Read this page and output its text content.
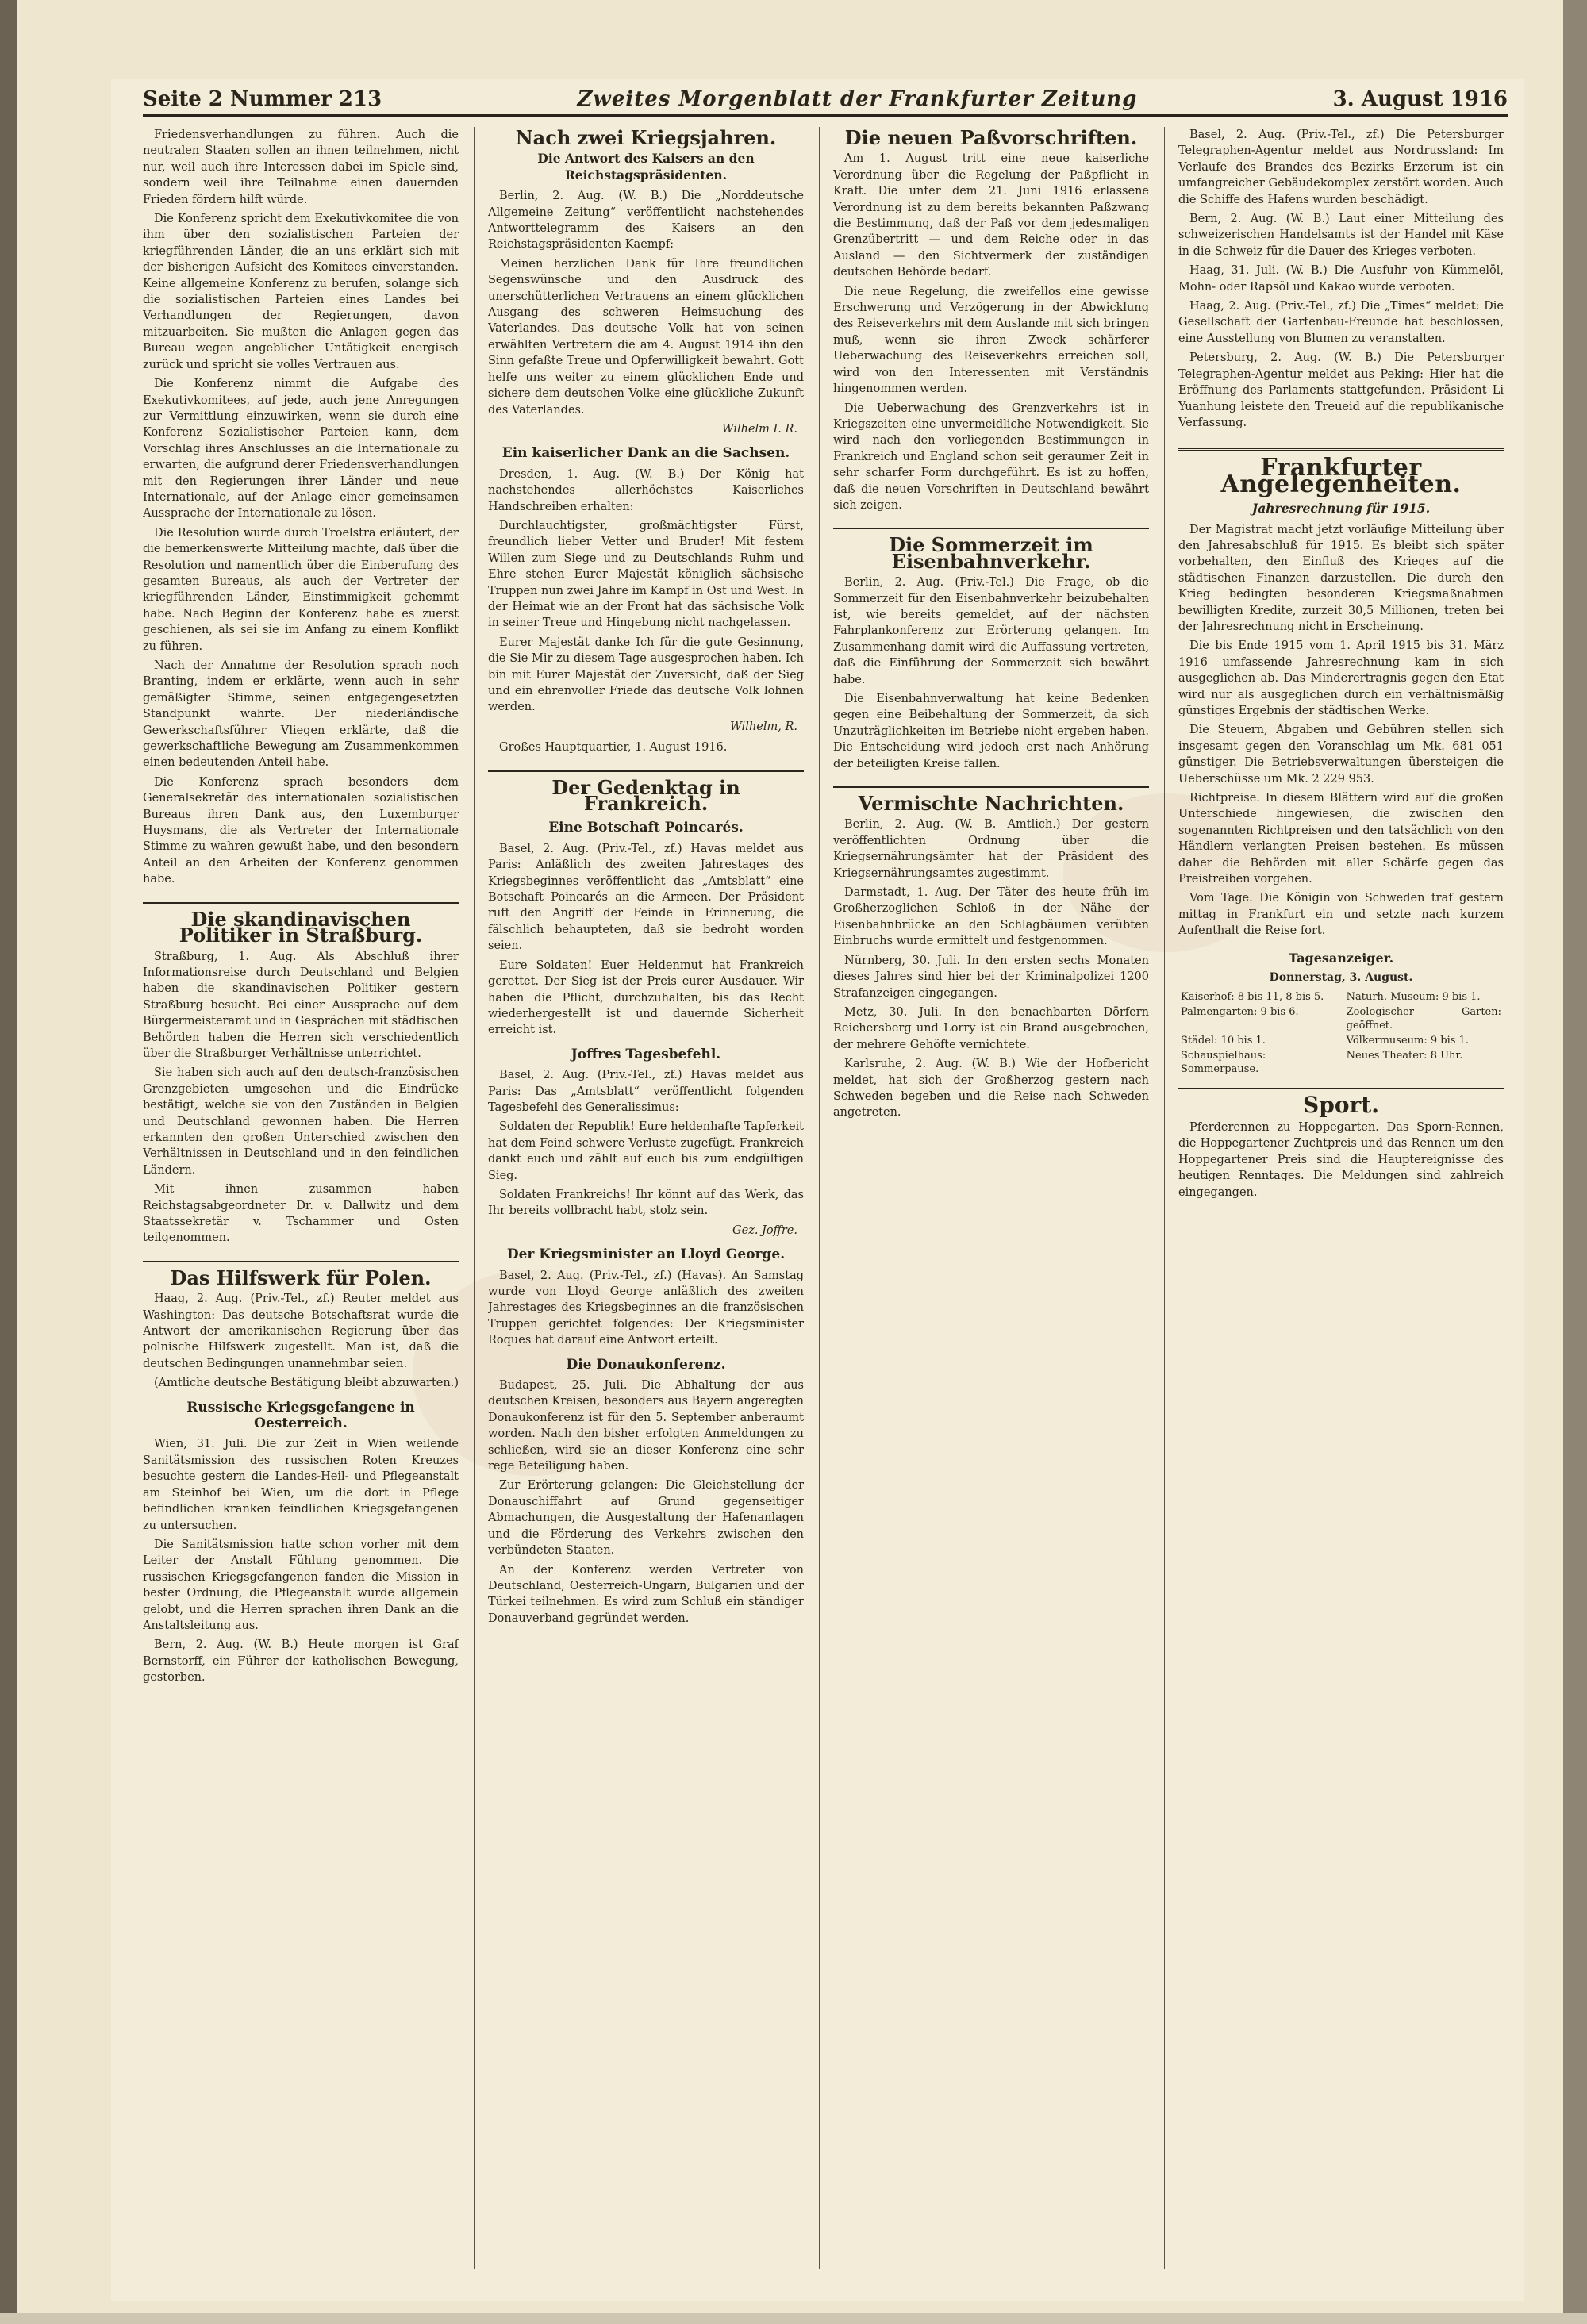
Seite 2 Nummer 213	Zweites Morgenblatt der Frankfurter Zeitung	3. August 1916

Friedensverhandlungen zu führen. Auch die neutralen Staaten sollen an ihnen teilnehmen, nicht nur, weil auch ihre Interessen dabei im Spiele sind, sondern weil ihre Teilnahme einen dauernden Frieden fördern hilft würde.

Die Konferenz spricht dem Exekutivkomitee die von ihm über den sozialistischen Parteien der kriegführenden Länder, die an uns erklärt sich mit der bisherigen Aufsicht des Komitees einverstanden. Keine allgemeine Konferenz zu berufen, solange sich die sozialistischen Parteien eines Landes bei Verhandlungen der Regierungen, davon mitzuarbeiten. Sie mußten die Anlagen gegen das Bureau wegen angeblicher Untätigkeit energisch zurück und spricht sie volles Vertrauen aus.

Die Konferenz nimmt die Aufgabe des Exekutivkomitees, auf jede, auch jene Anregungen zur Vermittlung einzuwirken, wenn sie durch eine Konferenz Sozialistischer Parteien kann, dem Vorschlag ihres Anschlusses an die Internationale zu erwarten, die aufgrund derer Friedensverhandlungen mit den Regierungen ihrer Länder und neue Internationale, auf der Anlage einer gemeinsamen Aussprache der Internationale zu lösen.

Die Resolution wurde durch Troelstra erläutert, der die bemerkenswerte Mitteilung machte, daß über die Resolution und namentlich über die Einberufung des gesamten Bureaus, als auch der Vertreter der kriegführenden Länder, Einstimmigkeit gehemmt habe. Nach Beginn der Konferenz habe es zuerst geschienen, als sei sie im Anfang zu einem Konflikt zu führen.

Nach der Annahme der Resolution sprach noch Branting, indem er erklärte, wenn auch in sehr gemäßigter Stimme, seinen entgegengesetzten Standpunkt wahrte. Der niederländische Gewerkschaftsführer Vliegen erklärte, daß die gewerkschaftliche Bewegung am Zusammenkommen einen bedeutenden Anteil habe.

Die Konferenz sprach besonders dem Generalsekretär des internationalen sozialistischen Bureaus ihren Dank aus, den Luxemburger Huysmans, die als Vertreter der Internationale Stimme zu wahren gewußt habe, und den besondern Anteil an den Arbeiten der Konferenz genommen habe.

Die skandinavischen Politiker in Straßburg.

Straßburg, 1. Aug. Als Abschluß ihrer Informationsreise durch Deutschland und Belgien haben die skandinavischen Politiker gestern Straßburg besucht. Bei einer Aussprache auf dem Bürgermeisteramt und in Gesprächen mit städtischen Behörden haben die Herren sich verschiedentlich über die Straßburger Verhältnisse unterrichtet.

Sie haben sich auch auf den deutsch-französischen Grenzgebieten umgesehen und die Eindrücke bestätigt, welche sie von den Zuständen in Belgien und Deutschland gewonnen haben. Die Herren erkannten den großen Unterschied zwischen den Verhältnissen in Deutschland und in den feindlichen Ländern.

Mit ihnen zusammen haben Reichstagsabgeordneter Dr. v. Dallwitz und dem Staatssekretär v. Tschammer und Osten teilgenommen.

Das Hilfswerk für Polen.

Haag, 2. Aug. (Priv.-Tel., zf.) Reuter meldet aus Washington: Das deutsche Botschaftsrat wurde die Antwort der amerikanischen Regierung über das polnische Hilfswerk zugestellt. Man ist, daß die deutschen Bedingungen unannehmbar seien.

(Amtliche deutsche Bestätigung bleibt abzuwarten.)

Russische Kriegsgefangene in Oesterreich.

Wien, 31. Juli. Die zur Zeit in Wien weilende Sanitätsmission des russischen Roten Kreuzes besuchte gestern die Landes-Heil- und Pflegeanstalt am Steinhof bei Wien, um die dort in Pflege befindlichen kranken feindlichen Kriegsgefangenen zu untersuchen.

Die Sanitätsmission hatte schon vorher mit dem Leiter der Anstalt Fühlung genommen. Die russischen Kriegsgefangenen fanden die Mission in bester Ordnung, die Pflegeanstalt wurde allgemein gelobt, und die Herren sprachen ihren Dank an die Anstaltsleitung aus.

Bern, 2. Aug. (W. B.) Heute morgen ist Graf Bernstorff, ein Führer der katholischen Bewegung, gestorben.

Nach zwei Kriegsjahren.
Die Antwort des Kaisers an den Reichstagspräsidenten.

Berlin, 2. Aug. (W. B.) Die „Norddeutsche Allgemeine Zeitung“ veröffentlicht nachstehendes Antworttelegramm des Kaisers an den Reichstagspräsidenten Kaempf:

Meinen herzlichen Dank für Ihre freundlichen Segenswünsche und den Ausdruck des unerschütterlichen Vertrauens an einem glücklichen Ausgang des schweren Heimsuchung des Vaterlandes. Das deutsche Volk hat von seinen erwählten Vertretern die am 4. August 1914 ihn den Sinn gefaßte Treue und Opferwilligkeit bewahrt. Gott helfe uns weiter zu einem glücklichen Ende und sichere dem deutschen Volke eine glückliche Zukunft des Vaterlandes.

Wilhelm I. R.
Ein kaiserlicher Dank an die Sachsen.

Dresden, 1. Aug. (W. B.) Der König hat nachstehendes allerhöchstes Kaiserliches Handschreiben erhalten:

Durchlauchtigster, großmächtigster Fürst, freundlich lieber Vetter und Bruder! Mit festem Willen zum Siege und zu Deutschlands Ruhm und Ehre stehen Eurer Majestät königlich sächsische Truppen nun zwei Jahre im Kampf in Ost und West. In der Heimat wie an der Front hat das sächsische Volk in seiner Treue und Hingebung nicht nachgelassen.

Eurer Majestät danke Ich für die gute Gesinnung, die Sie Mir zu diesem Tage ausgesprochen haben. Ich bin mit Eurer Majestät der Zuversicht, daß der Sieg und ein ehrenvoller Friede das deutsche Volk lohnen werden.

Wilhelm, R.

Großes Hauptquartier, 1. August 1916.

Der Gedenktag in Frankreich.
Eine Botschaft Poincarés.

Basel, 2. Aug. (Priv.-Tel., zf.) Havas meldet aus Paris: Anläßlich des zweiten Jahrestages des Kriegsbeginnes veröffentlicht das „Amtsblatt“ eine Botschaft Poincarés an die Armeen. Der Präsident ruft den Angriff der Feinde in Erinnerung, die fälschlich behaupteten, daß sie bedroht worden seien.

Eure Soldaten! Euer Heldenmut hat Frankreich gerettet. Der Sieg ist der Preis eurer Ausdauer. Wir haben die Pflicht, durchzuhalten, bis das Recht wiederhergestellt ist und dauernde Sicherheit erreicht ist.

Joffres Tagesbefehl.

Basel, 2. Aug. (Priv.-Tel., zf.) Havas meldet aus Paris: Das „Amtsblatt“ veröffentlicht folgenden Tagesbefehl des Generalissimus:

Soldaten der Republik! Eure heldenhafte Tapferkeit hat dem Feind schwere Verluste zugefügt. Frankreich dankt euch und zählt auf euch bis zum endgültigen Sieg.

Soldaten Frankreichs! Ihr könnt auf das Werk, das Ihr bereits vollbracht habt, stolz sein.

Gez. Joffre.
Der Kriegsminister an Lloyd George.

Basel, 2. Aug. (Priv.-Tel., zf.) (Havas). An Samstag wurde von Lloyd George anläßlich des zweiten Jahrestages des Kriegsbeginnes an die französischen Truppen gerichtet folgendes: Der Kriegsminister Roques hat darauf eine Antwort erteilt.

Die Donaukonferenz.

Budapest, 25. Juli. Die Abhaltung der aus deutschen Kreisen, besonders aus Bayern angeregten Donaukonferenz ist für den 5. September anberaumt worden. Nach den bisher erfolgten Anmeldungen zu schließen, wird sie an dieser Konferenz eine sehr rege Beteiligung haben.

Zur Erörterung gelangen: Die Gleichstellung der Donauschiffahrt auf Grund gegenseitiger Abmachungen, die Ausgestaltung der Hafenanlagen und die Förderung des Verkehrs zwischen den verbündeten Staaten.

An der Konferenz werden Vertreter von Deutschland, Oesterreich-Ungarn, Bulgarien und der Türkei teilnehmen. Es wird zum Schluß ein ständiger Donauverband gegründet werden.

Die neuen Paßvorschriften.

Am 1. August tritt eine neue kaiserliche Verordnung über die Regelung der Paßpflicht in Kraft. Die unter dem 21. Juni 1916 erlassene Verordnung ist zu dem bereits bekannten Paßzwang die Bestimmung, daß der Paß vor dem jedesmaligen Grenzübertritt — und dem Reiche oder in das Ausland — den Sichtvermerk der zuständigen deutschen Behörde bedarf.

Die neue Regelung, die zweifellos eine gewisse Erschwerung und Verzögerung in der Abwicklung des Reiseverkehrs mit dem Auslande mit sich bringen muß, wenn sie ihren Zweck schärferer Ueberwachung des Reiseverkehrs erreichen soll, wird von den Interessenten mit Verständnis hingenommen werden.

Die Ueberwachung des Grenzverkehrs ist in Kriegszeiten eine unvermeidliche Notwendigkeit. Sie wird nach den vorliegenden Bestimmungen in Frankreich und England schon seit geraumer Zeit in sehr scharfer Form durchgeführt. Es ist zu hoffen, daß die neuen Vorschriften in Deutschland bewährt sich zeigen.

Die Sommerzeit im Eisenbahnverkehr.

Berlin, 2. Aug. (Priv.-Tel.) Die Frage, ob die Sommerzeit für den Eisenbahnverkehr beizubehalten ist, wie bereits gemeldet, auf der nächsten Fahrplankonferenz zur Erörterung gelangen. Im Zusammenhang damit wird die Auffassung vertreten, daß die Einführung der Sommerzeit sich bewährt habe.

Die Eisenbahnverwaltung hat keine Bedenken gegen eine Beibehaltung der Sommerzeit, da sich Unzuträglichkeiten im Betriebe nicht ergeben haben. Die Entscheidung wird jedoch erst nach Anhörung der beteiligten Kreise fallen.

Vermischte Nachrichten.

Berlin, 2. Aug. (W. B. Amtlich.) Der gestern veröffentlichten Ordnung über die Kriegsernährungsämter hat der Präsident des Kriegsernährungsamtes zugestimmt.

Darmstadt, 1. Aug. Der Täter des heute früh im Großherzoglichen Schloß in der Nähe der Eisenbahnbrücke an den Schlagbäumen verübten Einbruchs wurde ermittelt und festgenommen.

Nürnberg, 30. Juli. In den ersten sechs Monaten dieses Jahres sind hier bei der Kriminalpolizei 1200 Strafanzeigen eingegangen.

Metz, 30. Juli. In den benachbarten Dörfern Reichersberg und Lorry ist ein Brand ausgebrochen, der mehrere Gehöfte vernichtete.

Karlsruhe, 2. Aug. (W. B.) Wie der Hofbericht meldet, hat sich der Großherzog gestern nach Schweden begeben und die Reise nach Schweden angetreten.

Basel, 2. Aug. (Priv.-Tel., zf.) Die Petersburger Telegraphen-Agentur meldet aus Nordrussland: Im Verlaufe des Brandes des Bezirks Erzerum ist ein umfangreicher Gebäudekomplex zerstört worden. Auch die Schiffe des Hafens wurden beschädigt.

Bern, 2. Aug. (W. B.) Laut einer Mitteilung des schweizerischen Handelsamts ist der Handel mit Käse in die Schweiz für die Dauer des Krieges verboten.

Haag, 31. Juli. (W. B.) Die Ausfuhr von Kümmelöl, Mohn- oder Rapsöl und Kakao wurde verboten.

Haag, 2. Aug. (Priv.-Tel., zf.) Die „Times“ meldet: Die Gesellschaft der Gartenbau-Freunde hat beschlossen, eine Ausstellung von Blumen zu veranstalten.

Petersburg, 2. Aug. (W. B.) Die Petersburger Telegraphen-Agentur meldet aus Peking: Hier hat die Eröffnung des Parlaments stattgefunden. Präsident Li Yuanhung leistete den Treueid auf die republikanische Verfassung.

Frankfurter Angelegenheiten.
Jahresrechnung für 1915.

Der Magistrat macht jetzt vorläufige Mitteilung über den Jahresabschluß für 1915. Es bleibt sich später vorbehalten, den Einfluß des Krieges auf die städtischen Finanzen darzustellen. Die durch den Krieg bedingten besonderen Kriegsmaßnahmen bewilligten Kredite, zurzeit 30,5 Millionen, treten bei der Jahresrechnung nicht in Erscheinung.

Die bis Ende 1915 vom 1. April 1915 bis 31. März 1916 umfassende Jahresrechnung kam in sich ausgeglichen ab. Das Minderertragnis gegen den Etat wird nur als ausgeglichen durch ein verhältnismäßig günstiges Ergebnis der städtischen Werke.

Die Steuern, Abgaben und Gebühren stellen sich insgesamt gegen den Voranschlag um Mk. 681 051 günstiger. Die Betriebsverwaltungen übersteigen die Ueberschüsse um Mk. 2 229 953.

Richtpreise. In diesem Blättern wird auf die großen Unterschiede hingewiesen, die zwischen den sogenannten Richtpreisen und den tatsächlich von den Händlern verlangten Preisen bestehen. Es müssen daher die Behörden mit aller Schärfe gegen das Preistreiben vorgehen.

Vom Tage. Die Königin von Schweden traf gestern mittag in Frankfurt ein und setzte nach kurzem Aufenthalt die Reise fort.

Tagesanzeiger.
Donnerstag, 3. August.
Kaiserhof: 8 bis 11, 8 bis 5.	Naturh. Museum: 9 bis 1.
Palmengarten: 9 bis 6.	Zoologischer Garten: geöffnet.
Städel: 10 bis 1.	Völkermuseum: 9 bis 1.
Schauspielhaus: Sommerpause.	Neues Theater: 8 Uhr.
Sport.

Pferderennen zu Hoppegarten. Das Sporn-Rennen, die Hoppegartener Zuchtpreis und das Rennen um den Hoppegartener Preis sind die Hauptereignisse des heutigen Renntages. Die Meldungen sind zahlreich eingegangen.
